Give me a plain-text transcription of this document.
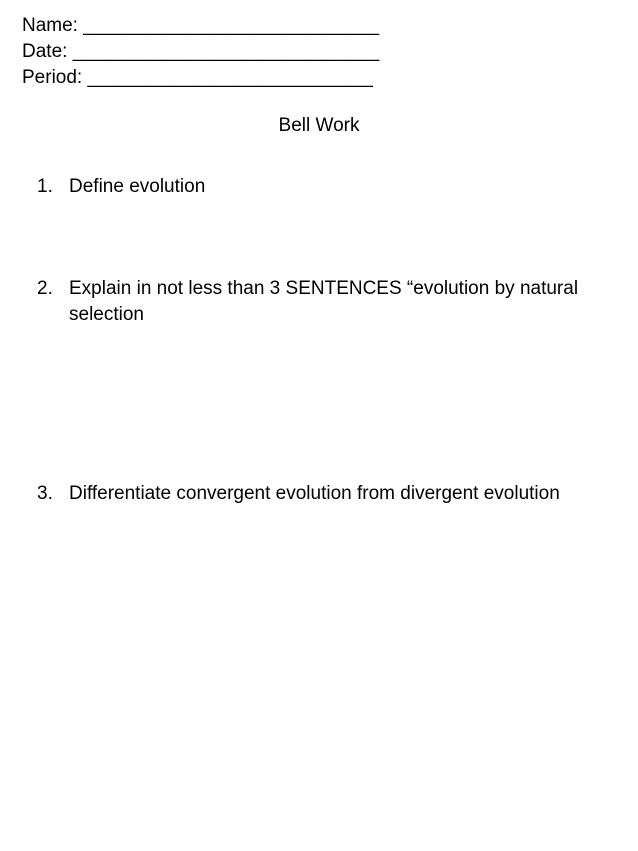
Name: ____________________________
Date: _____________________________
Period: ___________________________
Bell Work
1. Define evolution
2. Explain in not less than 3 SENTENCES “evolution by natural selection
3. Differentiate convergent evolution from divergent evolution
